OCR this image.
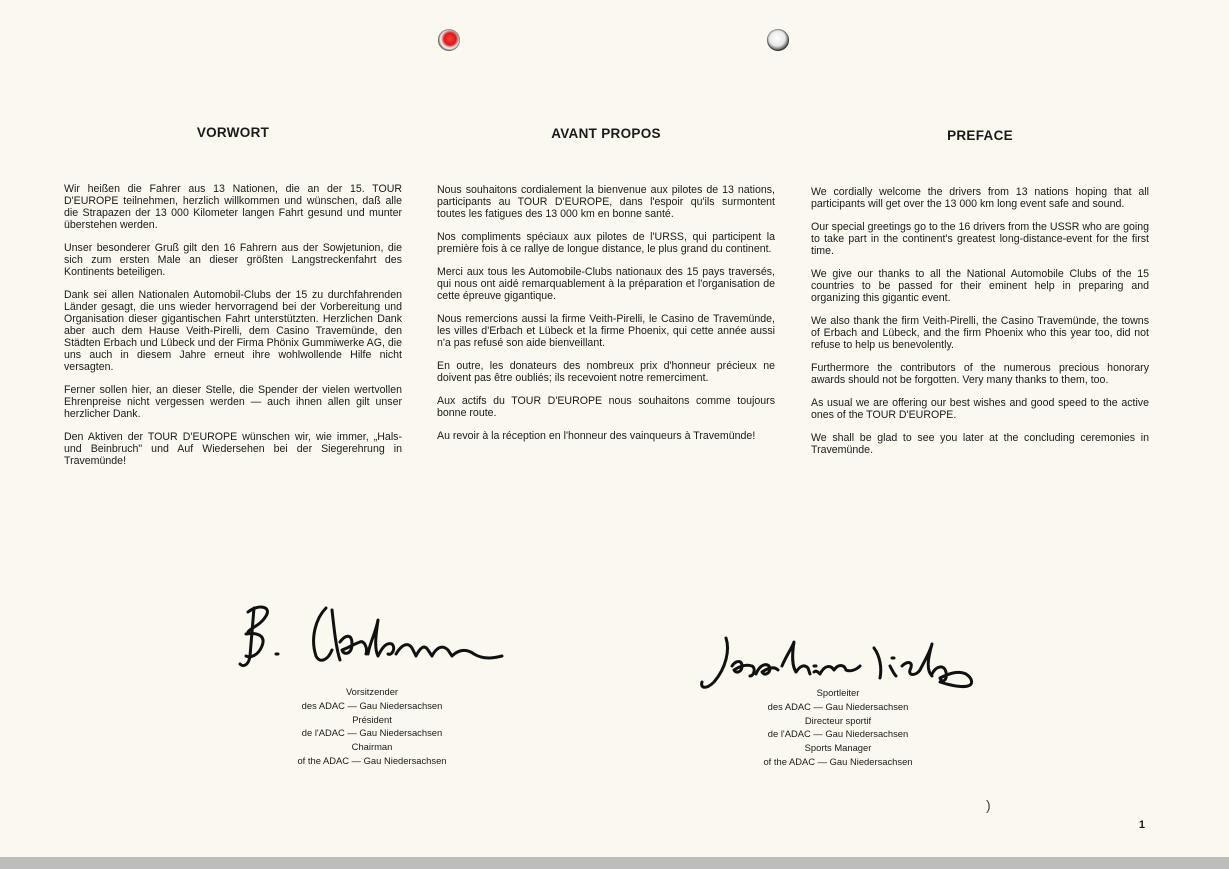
VORWORT

Wir heißen die Fahrer aus 13 Nationen, die an der 15. TOUR D'EUROPE teilnehmen, herzlich willkommen und wünschen, daß alle die Strapazen der 13 000 Kilometer langen Fahrt gesund und munter überstehen werden.

Unser besonderer Gruß gilt den 16 Fahrern aus der Sowjetunion, die sich zum ersten Male an dieser größten Langstreckenfahrt des Kontinents beteiligen.

Dank sei allen Nationalen Automobil-Clubs der 15 zu durchfahrenden Länder gesagt, die uns wieder hervorragend bei der Vorbereitung und Organisation dieser gigantischen Fahrt unterstützten. Herzlichen Dank aber auch dem Hause Veith-Pirelli, dem Casino Travemünde, den Städten Erbach und Lübeck und der Firma Phönix Gummiwerke AG, die uns auch in diesem Jahre erneut ihre wohlwollende Hilfe nicht versagten.

Ferner sollen hier, an dieser Stelle, die Spender der vielen wertvollen Ehrenpreise nicht vergessen werden — auch ihnen allen gilt unser herzlicher Dank.

Den Aktiven der TOUR D'EUROPE wünschen wir, wie immer, „Hals- und Beinbruch" und Auf Wiedersehen bei der Siegerehrung in Travemünde!

AVANT PROPOS

Nous souhaitons cordialement la bienvenue aux pilotes de 13 nations, participants au TOUR D'EUROPE, dans l'espoir qu'ils surmontent toutes les fatigues des 13 000 km en bonne santé.

Nos compliments spéciaux aux pilotes de l'URSS, qui participent la première fois à ce rallye de longue distance, le plus grand du continent.

Merci aux tous les Automobile-Clubs nationaux des 15 pays traversés, qui nous ont aidé remarquablement à la préparation et l'organisation de cette épreuve gigantique.

Nous remercions aussi la firme Veith-Pirelli, le Casino de Travemünde, les villes d'Erbach et Lübeck et la firme Phoenix, qui cette année aussi n'a pas refusé son aide bienveillant.

En outre, les donateurs des nombreux prix d'honneur précieux ne doivent pas être oubliés; ils recevoient notre remerciment.

Aux actifs du TOUR D'EUROPE nous souhaitons comme toujours bonne route.

Au revoir à la réception en l'honneur des vainqueurs à Travemünde!

PREFACE

We cordially welcome the drivers from 13 nations hoping that all participants will get over the 13 000 km long event safe and sound.

Our special greetings go to the 16 drivers from the USSR who are going to take part in the continent's greatest long-distance-event for the first time.

We give our thanks to all the National Automobile Clubs of the 15 countries to be passed for their eminent help in preparing and organizing this gigantic event.

We also thank the firm Veith-Pirelli, the Casino Travemünde, the towns of Erbach and Lübeck, and the firm Phoenix who this year too, did not refuse to help us benevolently.

Furthermore the contributors of the numerous precious honorary awards should not be forgotten. Very many thanks to them, too.

As usual we are offering our best wishes and good speed to the active ones of the TOUR D'EUROPE.

We shall be glad to see you later at the concluding ceremonies in Travemünde.

Vorsitzender
des ADAC — Gau Niedersachsen
Président
de l'ADAC — Gau Niedersachsen
Chairman
of the ADAC — Gau Niedersachsen
Sportleiter
des ADAC — Gau Niedersachsen
Directeur sportif
de l'ADAC — Gau Niedersachsen
Sports Manager
of the ADAC — Gau Niedersachsen
)
1
